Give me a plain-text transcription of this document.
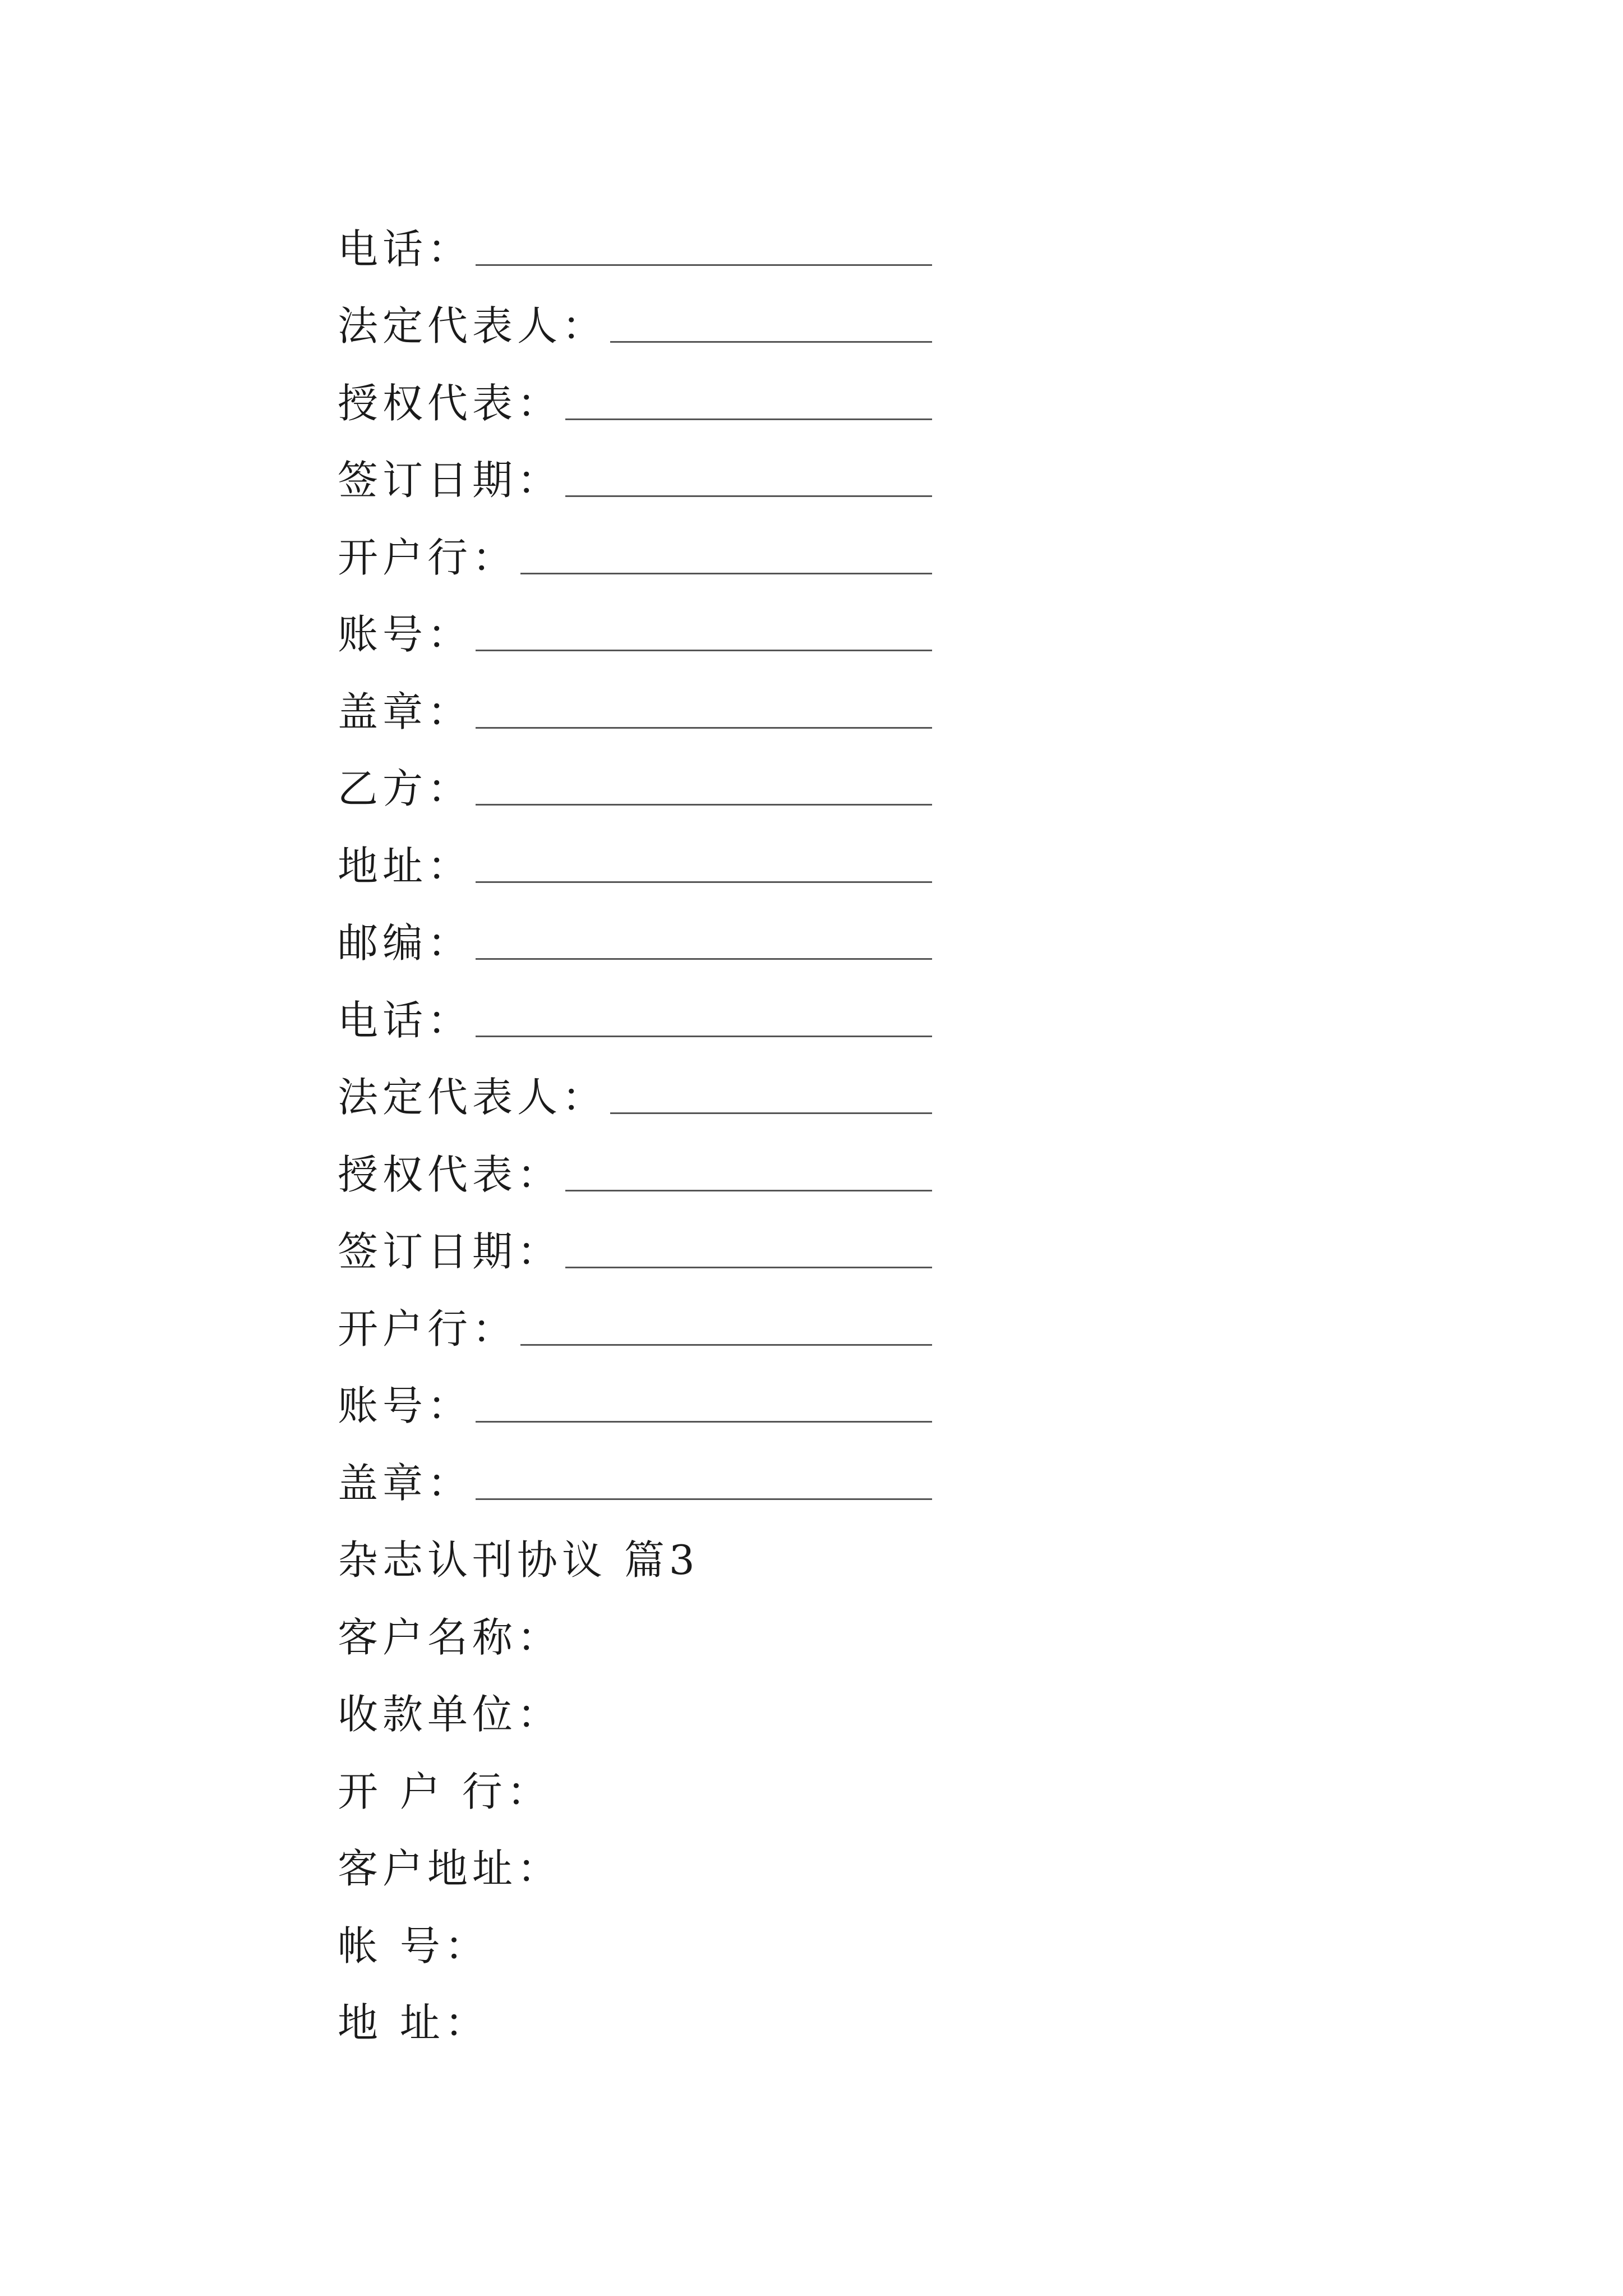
电话：
法定代表人：
授权代表：
签订日期：
开户行：
账号：
盖章：
乙方：
地址：
邮编：
电话：
法定代表人：
授权代表：
签订日期：
开户行：
账号：
盖章：
杂志认刊协议 篇3
客户名称：
收款单位：
开 户 行：
客户地址：
帐 号：
地 址：
